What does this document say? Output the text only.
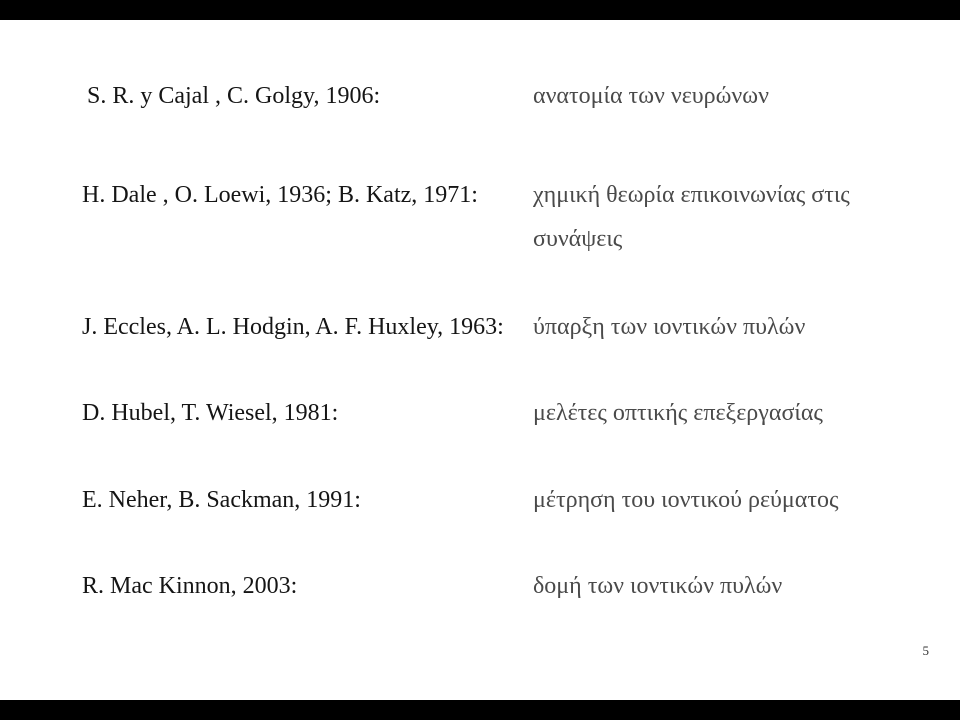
S. R. y Cajal , C. Golgy, 1906:	ανατομία των νευρώνων
H. Dale , O. Loewi, 1936; B. Katz, 1971: χημική θεωρία επικοινωνίας στις συνάψεις
J. Eccles, A. L. Hodgin, A. F. Huxley, 1963: ύπαρξη των ιοντικών πυλών
D. Hubel, T. Wiesel, 1981:	μελέτες οπτικής επεξεργασίας
E. Neher, B. Sackman, 1991:	μέτρηση του ιοντικού ρεύματος
R. Mac Kinnon, 2003:	δομή των ιοντικών πυλών
5
